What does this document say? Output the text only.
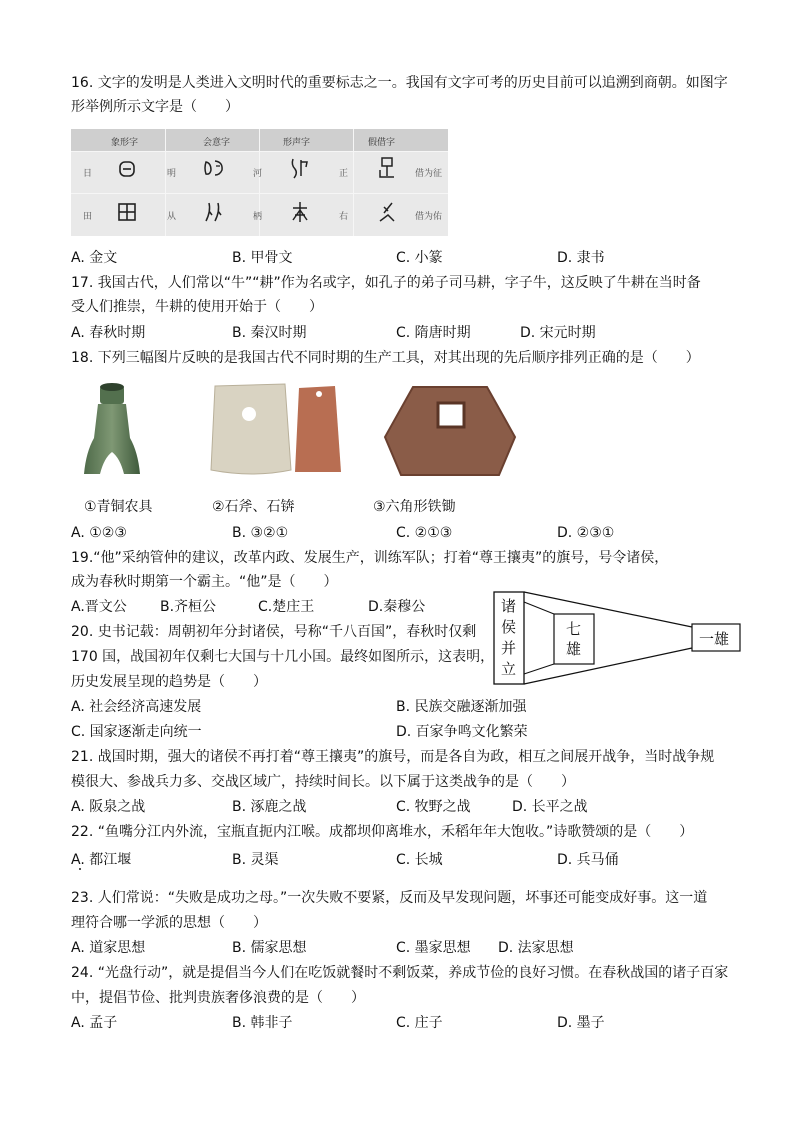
16. 文字的发明是人类进入文明时代的重要标志之一。我国有文字可考的历史目前可以追溯到商朝。如图字
形举例所示文字是（　　）
象形字	会意字	形声字	假借字
日	明	河	正	借为征
田	从	柄	右	借为佑
A. 金文	B. 甲骨文	C. 小篆	D. 隶书
17. 我国古代，人们常以“牛”“耕”作为名或字，如孔子的弟子司马耕，字子牛，这反映了牛耕在当时备
受人们推崇，牛耕的使用开始于（　　）
A. 春秋时期	B. 秦汉时期	C. 隋唐时期	D. 宋元时期
18. 下列三幅图片反映的是我国古代不同时期的生产工具，对其出现的先后顺序排列正确的是（　　）
①青铜农具	②石斧、石锛	③六角形铁锄
A. ①②③	B. ③②①	C. ②①③	D. ②③①
19.“他”采纳管仲的建议，改革内政、发展生产，训练军队；打着“尊王攘夷”的旗号，号令诸侯，
成为春秋时期第一个霸主。“他”是（　　）
A.晋文公 B.齐桓公	C.楚庄王	D.秦穆公
20. 史书记载：周朝初年分封诸侯，号称“千八百国”，春秋时仅剩
170 国，战国初年仅剩七大国与十几小国。最终如图所示，这表明，
历史发展呈现的趋势是（　　）
诸侯并立
七雄
一雄
A. 社会经济高速发展	B. 民族交融逐渐加强
C. 国家逐渐走向统一	D. 百家争鸣文化繁荣
21. 战国时期，强大的诸侯不再打着“尊王攘夷”的旗号，而是各自为政，相互之间展开战争，当时战争规
模很大、参战兵力多、交战区域广，持续时间长。以下属于这类战争的是（　　）
A. 阪泉之战	B. 涿鹿之战	C. 牧野之战	D. 长平之战
22. “鱼嘴分江内外流，宝瓶直扼内江喉。成都坝仰离堆水，禾稻年年大饱收。”诗歌赞颂的是（　　）
A. 都江堰	B. 灵渠	C. 长城	D. 兵马俑
23. 人们常说：“失败是成功之母。”一次失败不要紧，反而及早发现问题，坏事还可能变成好事。这一道
理符合哪一学派的思想（　　）
A. 道家思想	B. 儒家思想	C. 墨家思想 D. 法家思想
24. “光盘行动”，就是提倡当今人们在吃饭就餐时不剩饭菜，养成节俭的良好习惯。在春秋战国的诸子百家
中，提倡节俭、批判贵族奢侈浪费的是（　　）
A. 孟子	B. 韩非子	C. 庄子	D. 墨子
